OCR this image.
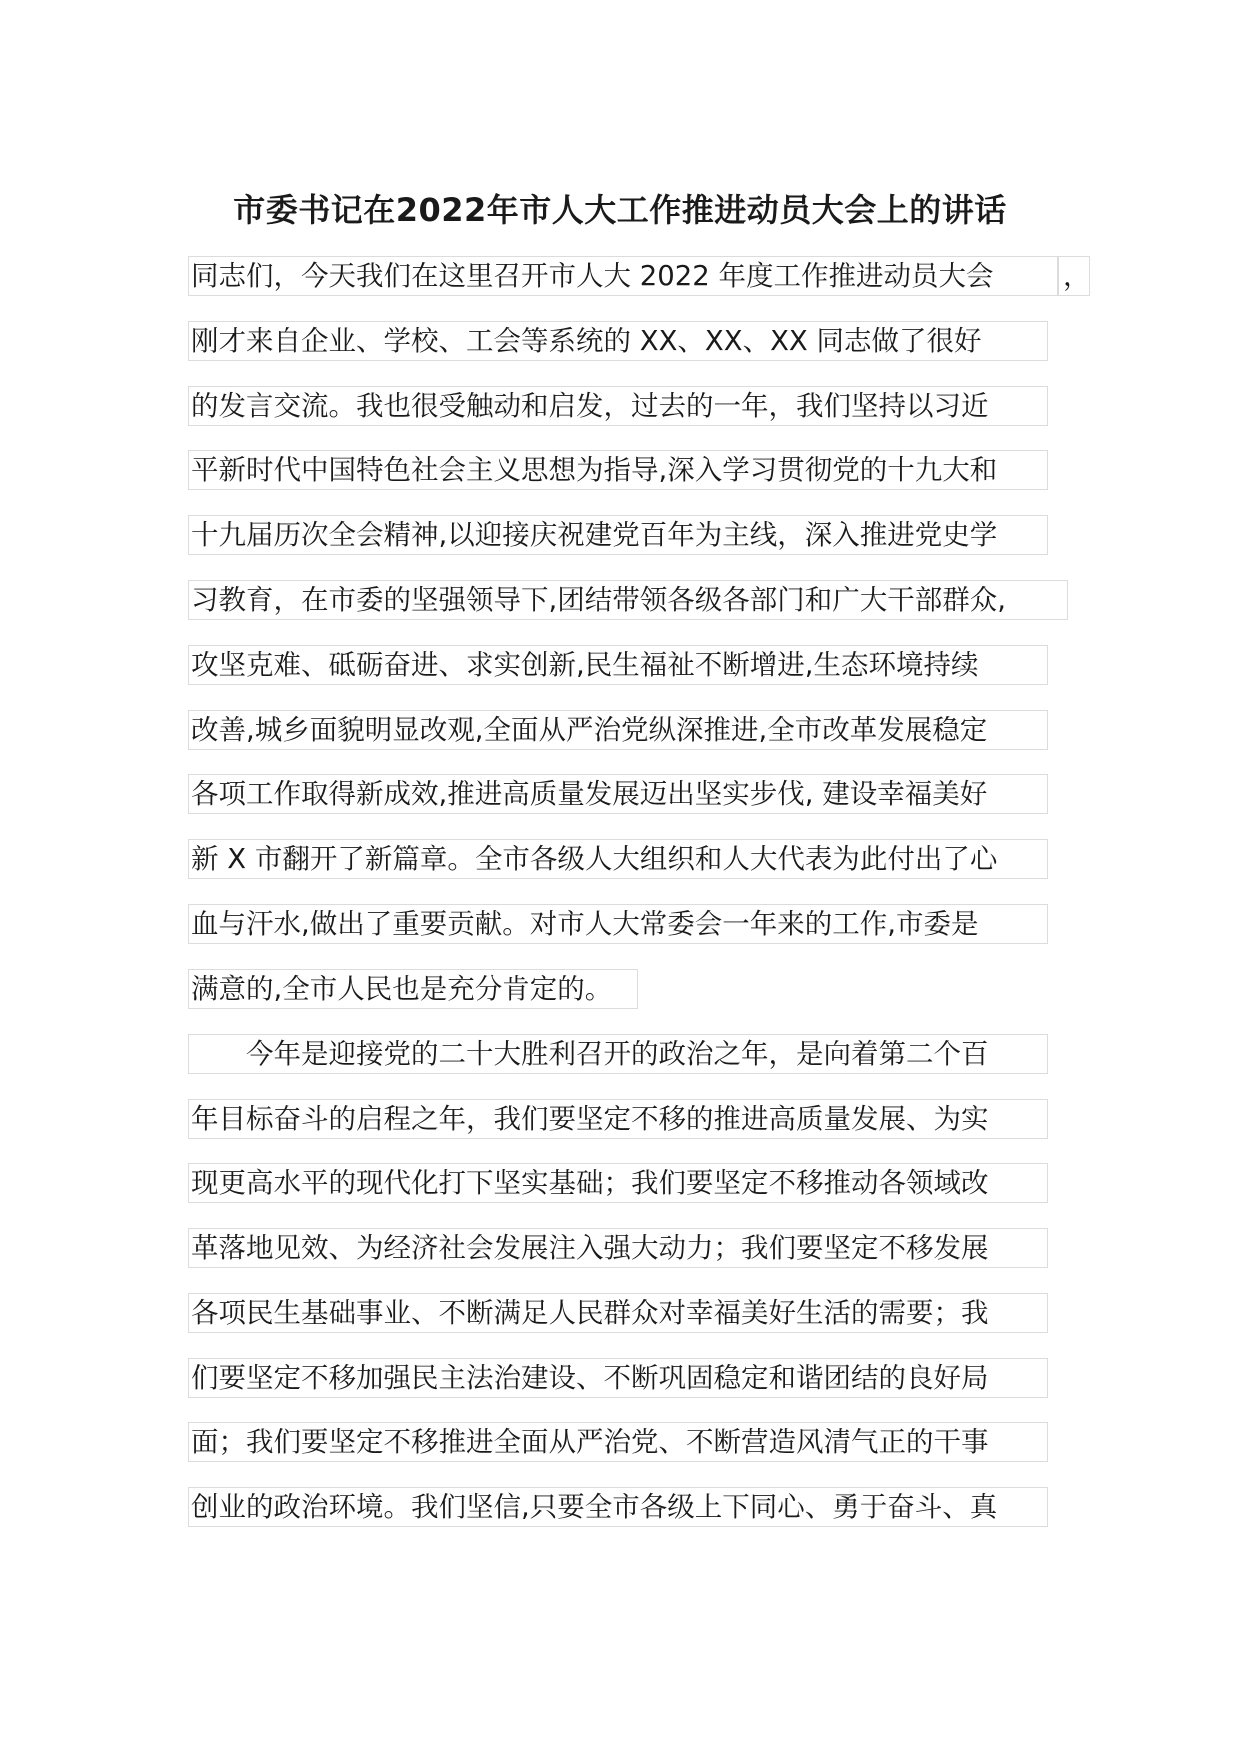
市委书记在2022年市人大工作推进动员大会上的讲话
同志们，今天我们在这里召开市人大 2022 年度工作推进动员大会
刚才来自企业、学校、工会等系统的 XX、XX、XX 同志做了很好
的发言交流。我也很受触动和启发，过去的一年，我们坚持以习近
平新时代中国特色社会主义思想为指导,深入学习贯彻党的十九大和
十九届历次全会精神,以迎接庆祝建党百年为主线，深入推进党史学
习教育，在市委的坚强领导下,团结带领各级各部门和广大干部群众,
攻坚克难、砥砺奋进、求实创新,民生福祉不断增进,生态环境持续
改善,城乡面貌明显改观,全面从严治党纵深推进,全市改革发展稳定
各项工作取得新成效,推进高质量发展迈出坚实步伐, 建设幸福美好
新 X 市翻开了新篇章。全市各级人大组织和人大代表为此付出了心
血与汗水,做出了重要贡献。对市人大常委会一年来的工作,市委是
满意的,全市人民也是充分肯定的。
　　今年是迎接党的二十大胜利召开的政治之年，是向着第二个百
年目标奋斗的启程之年，我们要坚定不移的推进高质量发展、为实
现更高水平的现代化打下坚实基础；我们要坚定不移推动各领域改
革落地见效、为经济社会发展注入强大动力；我们要坚定不移发展
各项民生基础事业、不断满足人民群众对幸福美好生活的需要；我
们要坚定不移加强民主法治建设、不断巩固稳定和谐团结的良好局
面；我们要坚定不移推进全面从严治党、不断营造风清气正的干事
创业的政治环境。我们坚信,只要全市各级上下同心、勇于奋斗、真
，
